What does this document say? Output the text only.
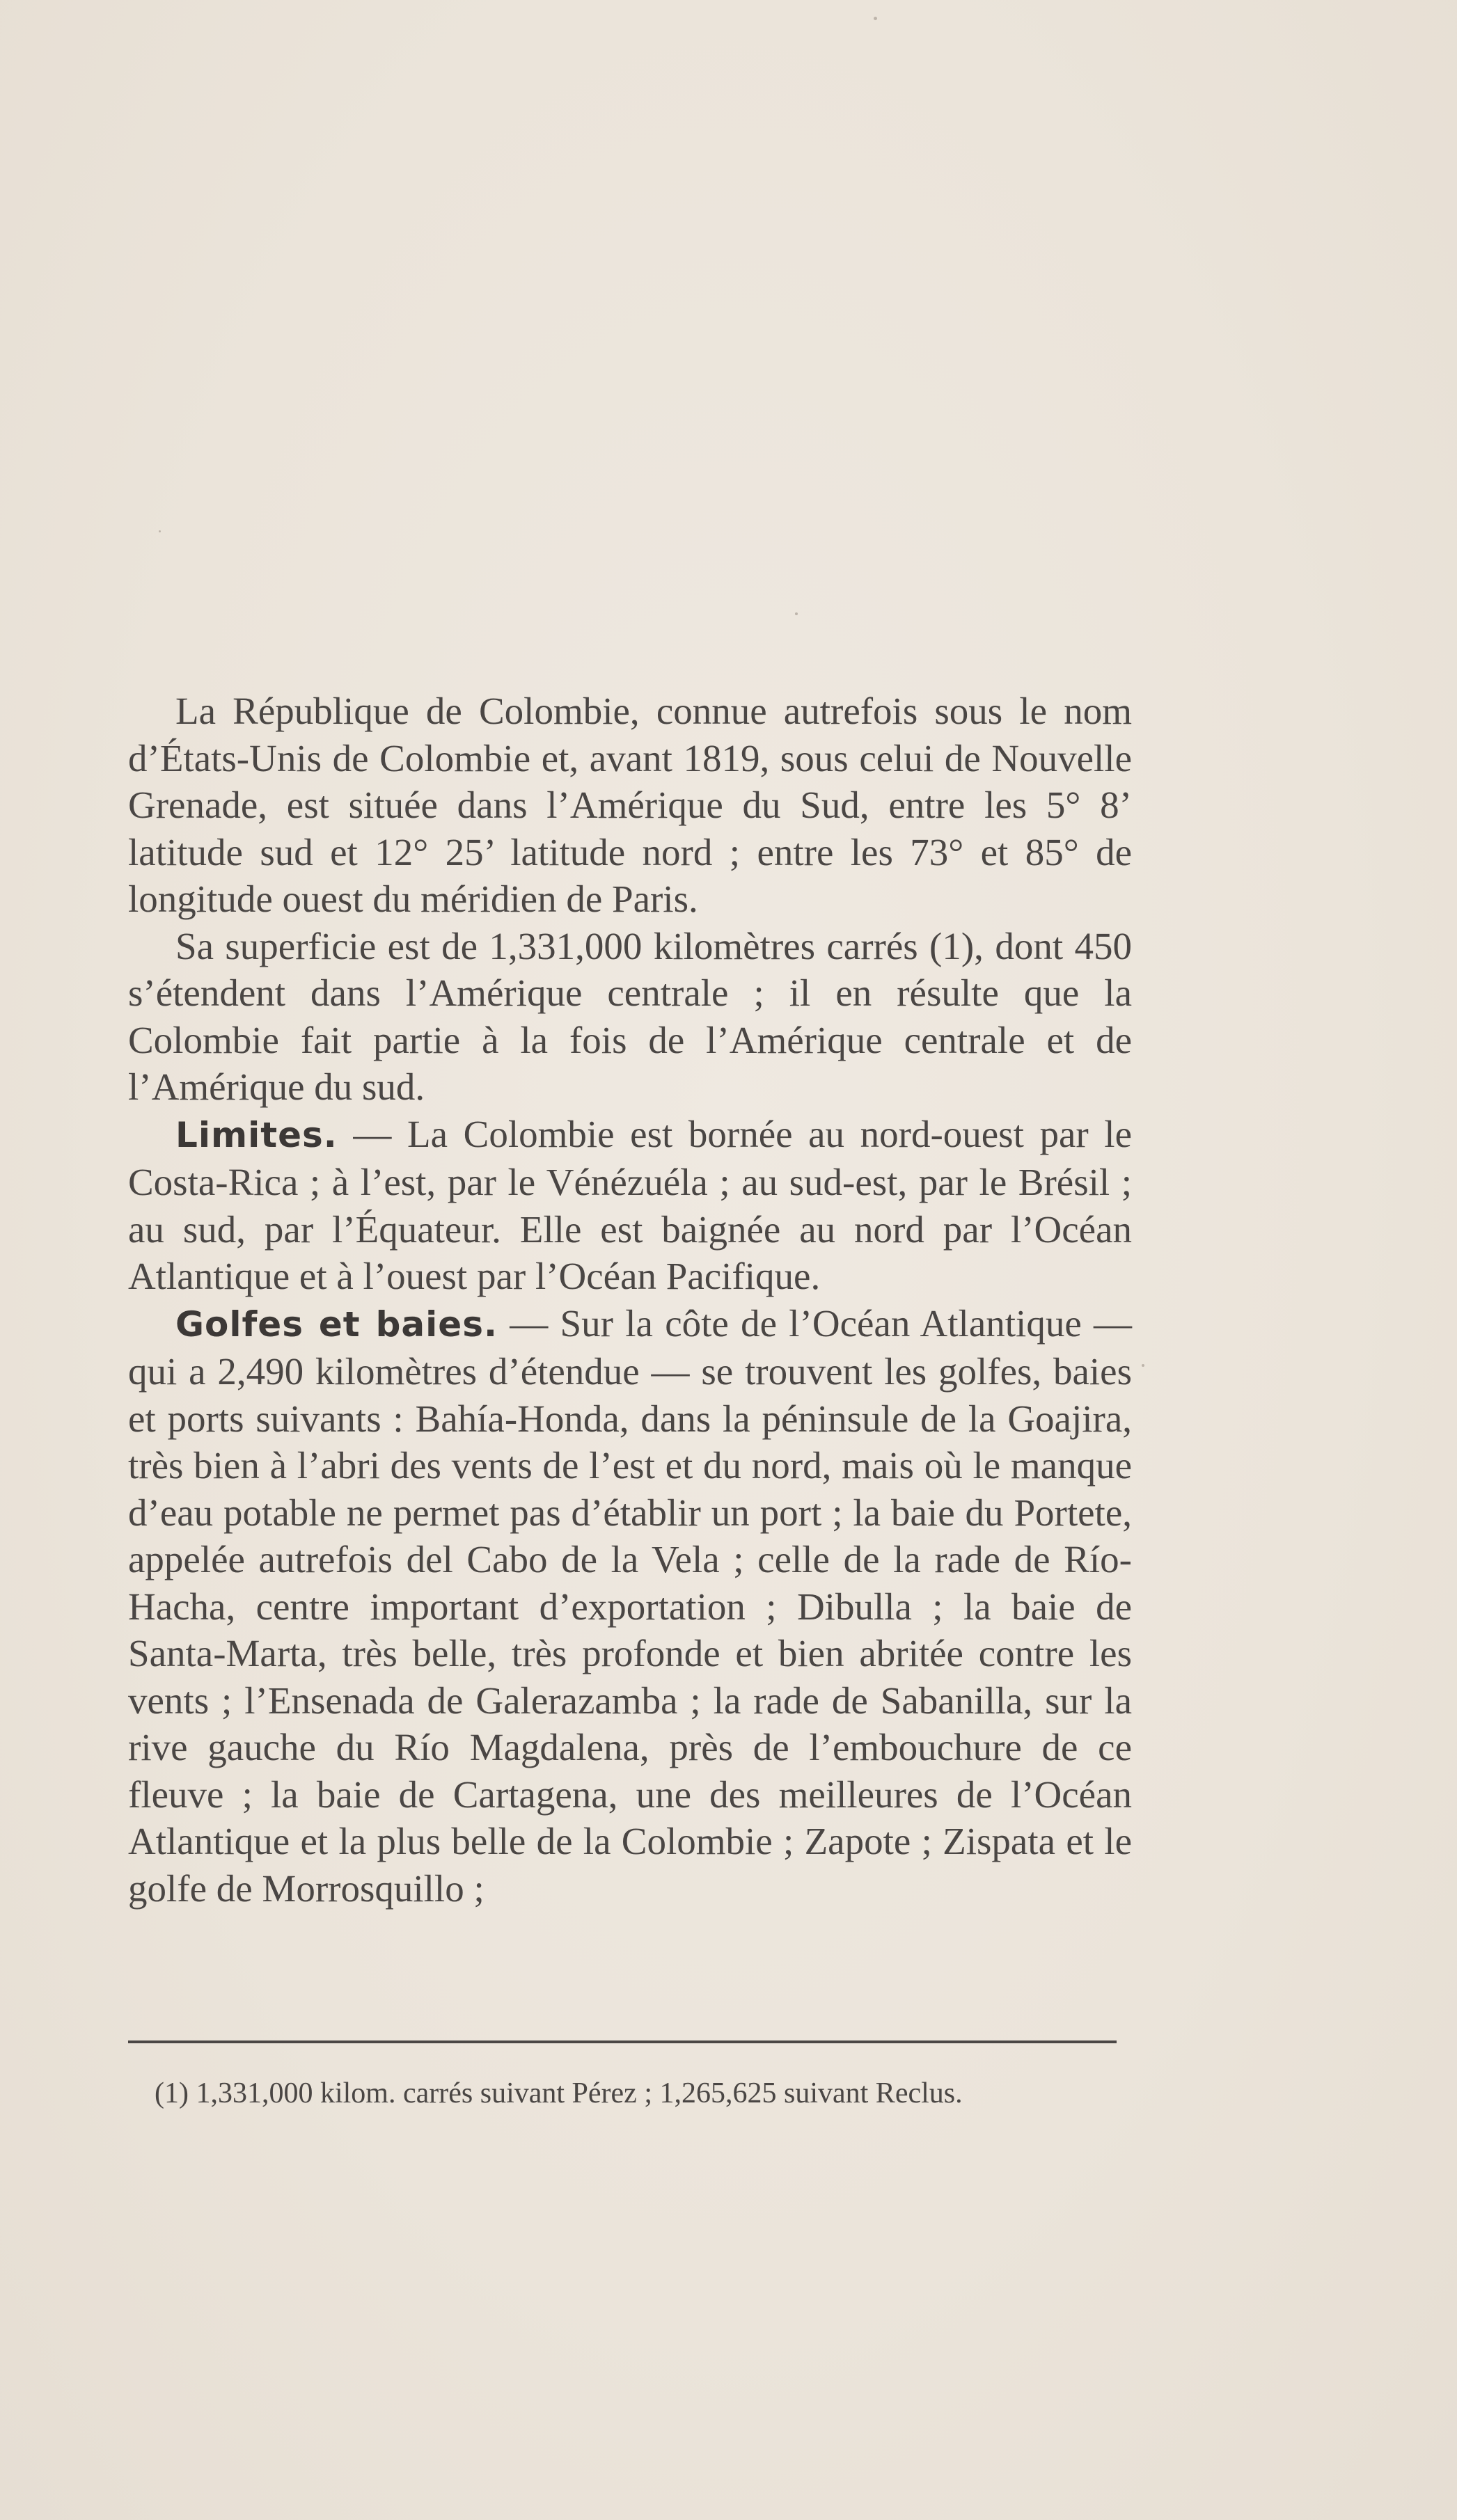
La République de Colombie, connue autrefois sous le nom d’États-Unis de Colombie et, avant 1819, sous celui de Nouvelle Grenade, est située dans l’Amérique du Sud, entre les 5° 8’ latitude sud et 12° 25’ latitude nord ; entre les 73° et 85° de longitude ouest du méridien de Paris.

Sa superficie est de 1,331,000 kilomètres carrés (1), dont 450 s’étendent dans l’Amérique centrale ; il en résulte que la Colombie fait partie à la fois de l’Amérique centrale et de l’Amérique du sud.

Limites. — La Colombie est bornée au nord-ouest par le Costa-Rica ; à l’est, par le Vénézuéla ; au sud-est, par le Brésil ; au sud, par l’Équateur. Elle est baignée au nord par l’Océan Atlantique et à l’ouest par l’Océan Pacifique.

Golfes et baies. — Sur la côte de l’Océan Atlantique — qui a 2,490 kilomètres d’étendue — se trouvent les golfes, baies et ports suivants : Bahía-Honda, dans la péninsule de la Goajira, très bien à l’abri des vents de l’est et du nord, mais où le manque d’eau potable ne permet pas d’établir un port ; la baie du Portete, appelée autrefois del Cabo de la Vela ; celle de la rade de Río-Hacha, centre important d’exportation ; Dibulla ; la baie de Santa-Marta, très belle, très profonde et bien abritée contre les vents ; l’Ensenada de Galerazamba ; la rade de Sabanilla, sur la rive gauche du Río Magdalena, près de l’embouchure de ce fleuve ; la baie de Cartagena, une des meilleures de l’Océan Atlantique et la plus belle de la Colombie ; Zapote ; Zispata et le golfe de Morrosquillo ;

(1) 1,331,000 kilom. carrés suivant Pérez ; 1,265,625 suivant Reclus.
